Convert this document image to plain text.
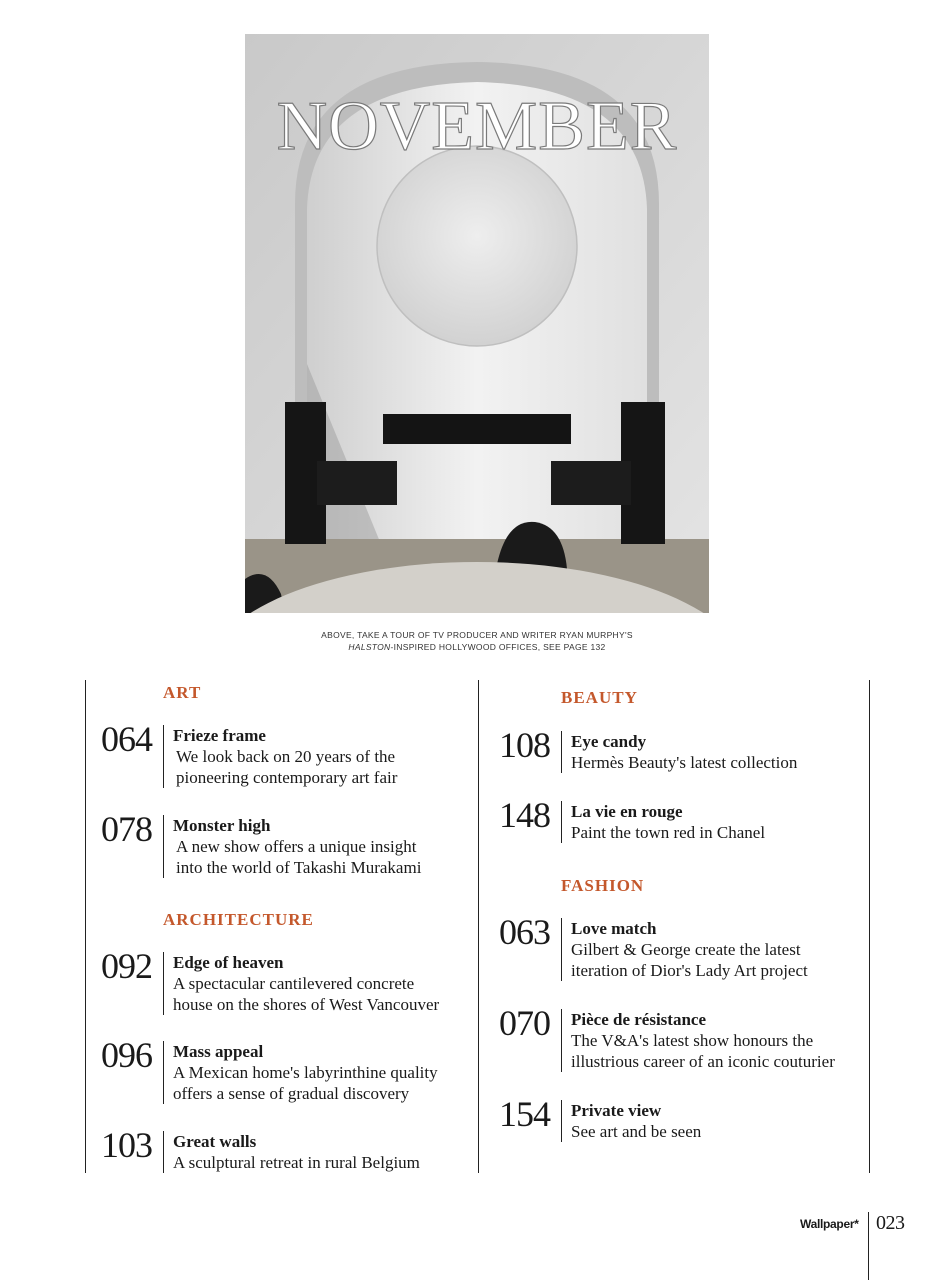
NOVEMBER
ABOVE, TAKE A TOUR OF TV PRODUCER AND WRITER RYAN MURPHY'S
HALSTON-INSPIRED HOLLYWOOD OFFICES, SEE PAGE 132
ART
064 Frieze frame
We look back on 20 years of the
pioneering contemporary art fair
078 Monster high
A new show offers a unique insight
into the world of Takashi Murakami
ARCHITECTURE
092 Edge of heaven
A spectacular cantilevered concrete
house on the shores of West Vancouver
096 Mass appeal
A Mexican home's labyrinthine quality
offers a sense of gradual discovery
103 Great walls
A sculptural retreat in rural Belgium
BEAUTY
108 Eye candy
Hermès Beauty's latest collection
148 La vie en rouge
Paint the town red in Chanel
FASHION
063 Love match
Gilbert & George create the latest
iteration of Dior's Lady Art project
070 Pièce de résistance
The V&A's latest show honours the
illustrious career of an iconic couturier
154 Private view
See art and be seen
Wallpaper* 023
